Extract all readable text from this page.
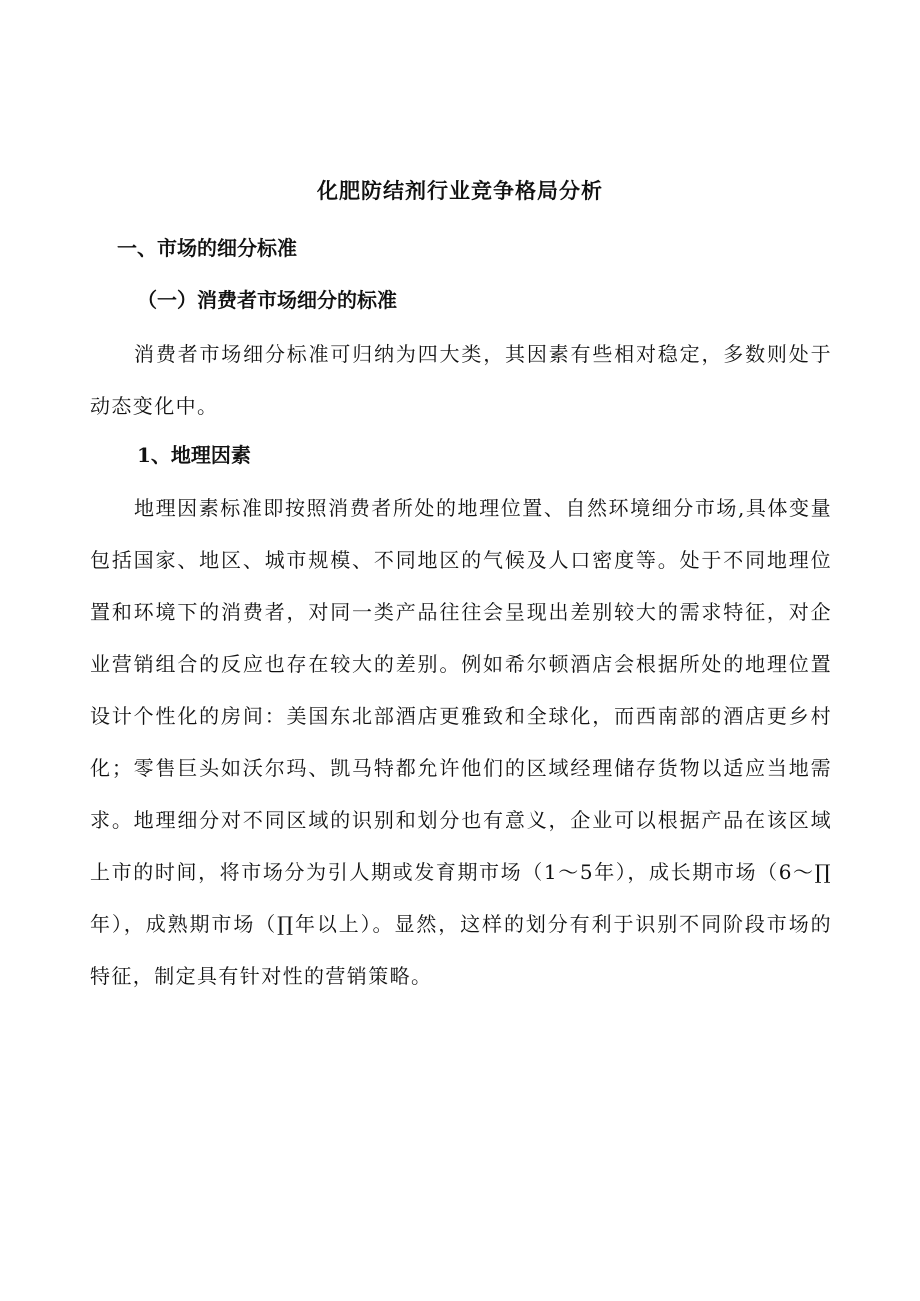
化肥防结剂行业竞争格局分析
一、市场的细分标准
（一）消费者市场细分的标准

消费者市场细分标准可归纳为四大类，其因素有些相对稳定，多数则处于动态变化中。

1、地理因素

地理因素标准即按照消费者所处的地理位置、自然环境细分市场,具体变量包括国家、地区、城市规模、不同地区的气候及人口密度等。处于不同地理位置和环境下的消费者，对同一类产品往往会呈现出差别较大的需求特征，对企业营销组合的反应也存在较大的差别。例如希尔顿酒店会根据所处的地理位置设计个性化的房间：美国东北部酒店更雅致和全球化，而西南部的酒店更乡村化；零售巨头如沃尔玛、凯马特都允许他们的区域经理储存货物以适应当地需求。地理细分对不同区域的识别和划分也有意义，企业可以根据产品在该区域上市的时间，将市场分为引人期或发育期市场（1～5年），成长期市场（6～∏年），成熟期市场（∏年以上）。显然，这样的划分有利于识别不同阶段市场的特征，制定具有针对性的营销策略。
